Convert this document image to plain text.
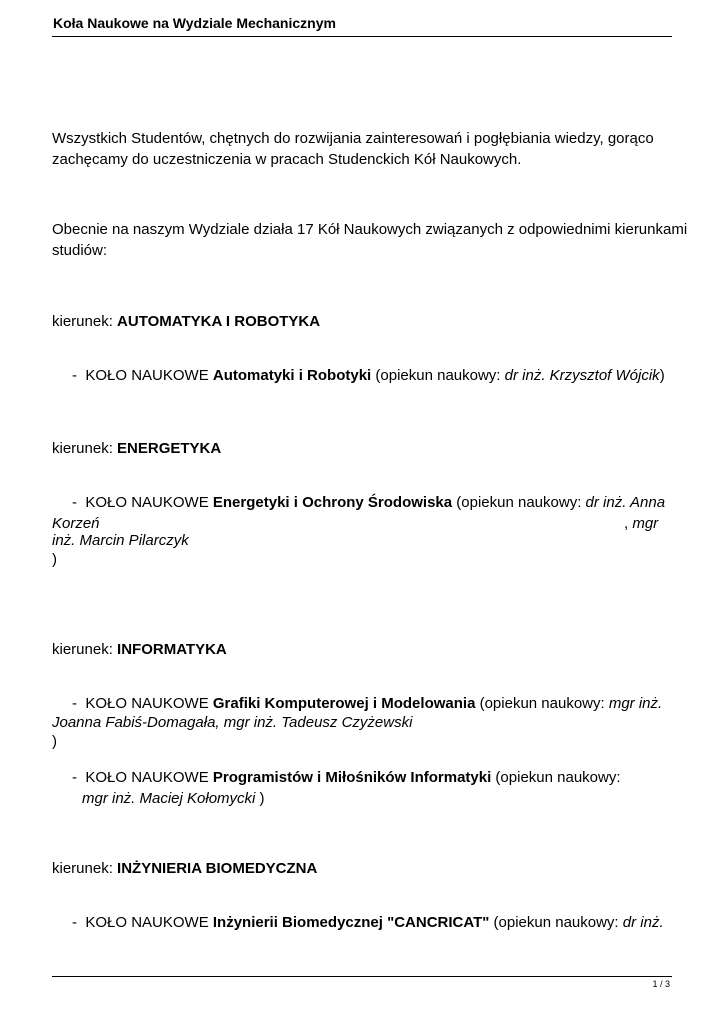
Koła Naukowe na Wydziale Mechanicznym
Wszystkich Studentów, chętnych do rozwijania zainteresowań i pogłębiania wiedzy, gorąco
zachęcamy do uczestniczenia w pracach Studenckich Kół Naukowych.
Obecnie na naszym Wydziale działa 17 Kół Naukowych związanych z odpowiednimi kierunkami
studiów:
kierunek: AUTOMATYKA I ROBOTYKA
- KOŁO NAUKOWE Automatyki i Robotyki (opiekun naukowy: dr inż. Krzysztof Wójcik)
kierunek: ENERGETYKA
- KOŁO NAUKOWE Energetyki i Ochrony Środowiska (opiekun naukowy: dr inż. Anna
Korzeń	, mgr
inż. Marcin Pilarczyk
)
kierunek: INFORMATYKA
- KOŁO NAUKOWE Grafiki Komputerowej i Modelowania (opiekun naukowy: mgr inż.
Joanna Fabiś-Domagała, mgr inż. Tadeusz Czyżewski
)
- KOŁO NAUKOWE Programistów i Miłośników Informatyki (opiekun naukowy:
mgr inż. Maciej Kołomycki )
kierunek: INŻYNIERIA BIOMEDYCZNA
- KOŁO NAUKOWE Inżynierii Biomedycznej "CANCRICAT" (opiekun naukowy: dr inż.
1 / 3
